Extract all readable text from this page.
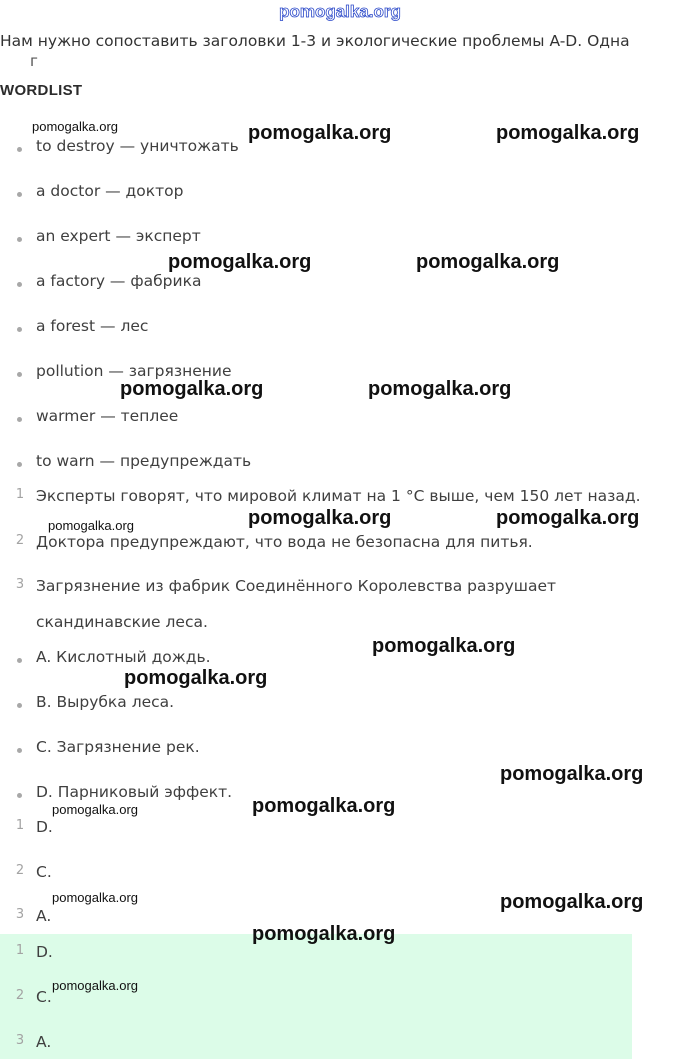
pomogalka.org
Нам нужно сопоставить заголовки 1-3 и экологические проблемы A-D. Одна
г
WORDLIST
to destroy — уничтожать
a doctor — доктор
an expert — эксперт
a factory — фабрика
a forest — лес
pollution — загрязнение
warmer — теплее
to warn — предупреждать
1 Эксперты говорят, что мировой климат на 1 °С выше, чем 150 лет назад.
2 Доктора предупреждают, что вода не безопасна для питья.
3 Загрязнение из фабрик Соединённого Королевства разрушает
скандинавские леса.
A. Кислотный дождь.
B. Вырубка леса.
C. Загрязнение рек.
D. Парниковый эффект.
1 D.
2 C.
3 A.
1 D.
2 C.
3 A.
pomogalka.org	pomogalka.org	pomogalka.org
pomogalka.org	pomogalka.org
pomogalka.org	pomogalka.org
pomogalka.org	pomogalka.org	pomogalka.org
pomogalka.org
pomogalka.org
pomogalka.org
pomogalka.org	pomogalka.org
pomogalka.org	pomogalka.org
pomogalka.org
pomogalka.org
